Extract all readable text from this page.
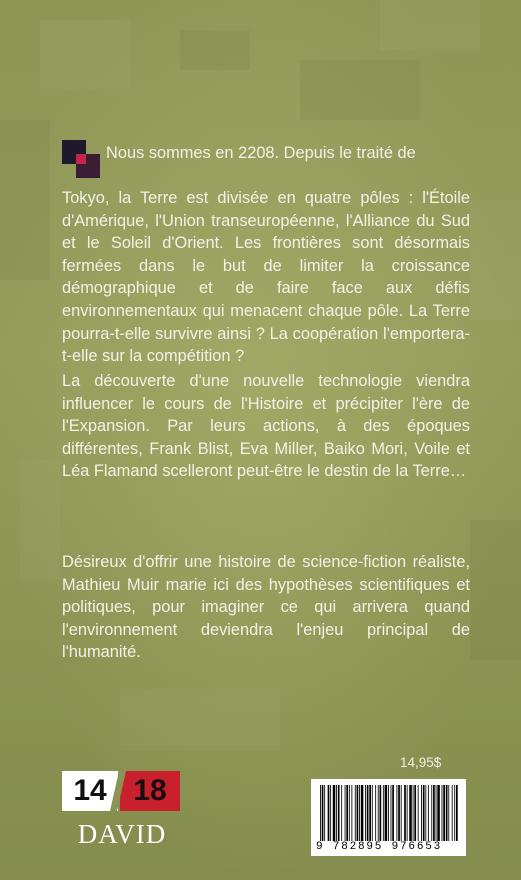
Nous sommes en 2208. Depuis le traité de

Tokyo, la Terre est divisée en quatre pôles : l'Étoile d'Amérique, l'Union transeuropéenne, l'Alliance du Sud et le Soleil d'Orient. Les frontières sont désormais fermées dans le but de limiter la croissance démographique et de faire face aux défis environnementaux qui menacent chaque pôle. La Terre pourra-t-elle survivre ainsi ? La coopération l'emportera-t-elle sur la compétition ?

La découverte d'une nouvelle technologie viendra influencer le cours de l'Histoire et précipiter l'ère de l'Expansion. Par leurs actions, à des époques différentes, Frank Blist, Eva Miller, Baiko Mori, Voile et Léa Flamand scelleront peut-être le destin de la Terre…

Désireux d'offrir une histoire de science-fiction réaliste, Mathieu Muir marie ici des hypothèses scientifiques et politiques, pour imaginer ce qui arrivera quand l'environnement deviendra l'enjeu principal de l'humanité.

14,95$
9 782895 976653
14 18
DAVID
